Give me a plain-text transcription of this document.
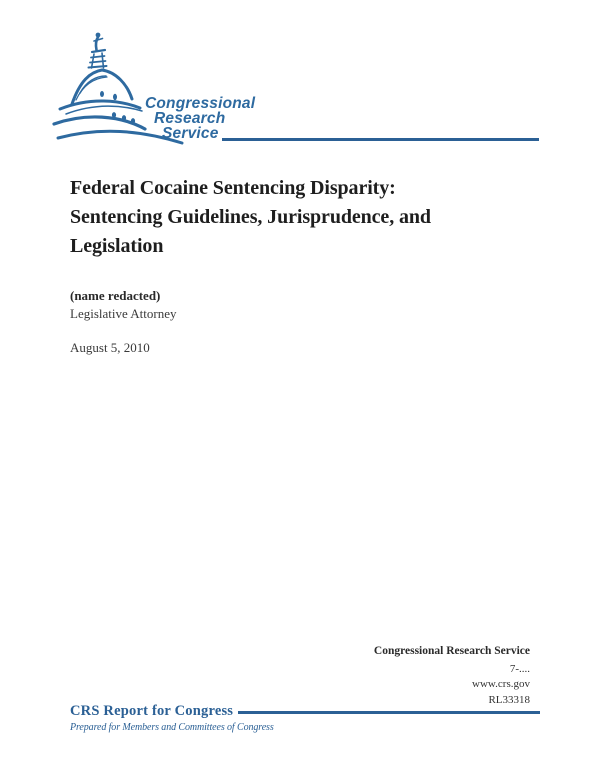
Congressional
Research
Service
Federal Cocaine Sentencing Disparity:
Sentencing Guidelines, Jurisprudence, and
Legislation
(name redacted)
Legislative Attorney
August 5, 2010
Congressional Research Service
7-....
www.crs.gov
RL33318
CRS Report for Congress
Prepared for Members and Committees of Congress
